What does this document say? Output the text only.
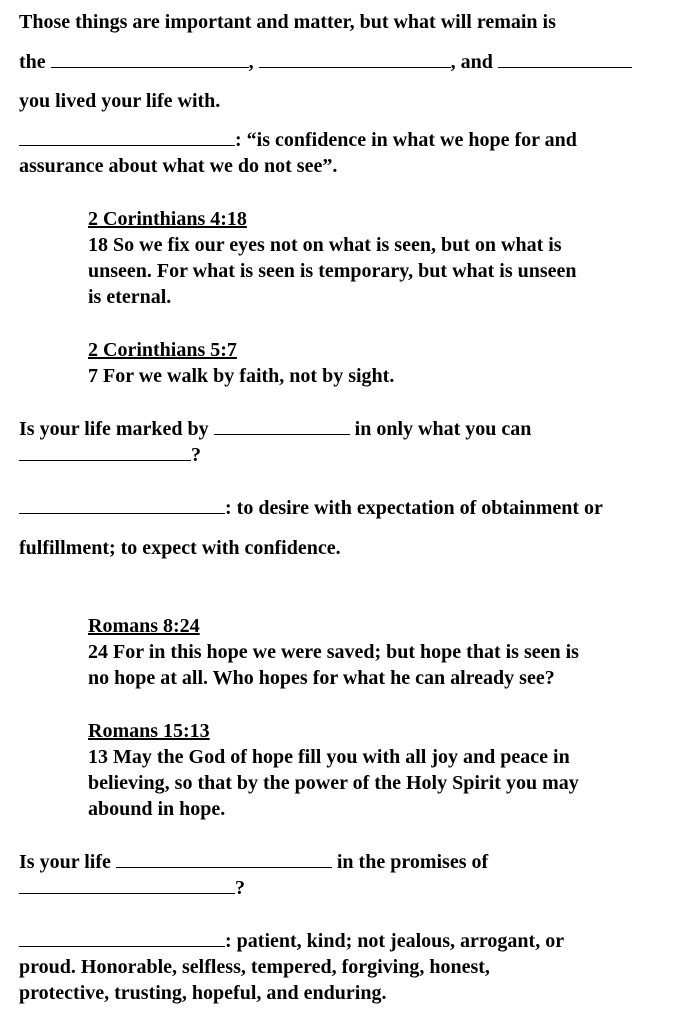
Those things are important and matter, but what will remain is
the	,	, and
you lived your life with.
: “is confidence in what we hope for and
assurance about what we do not see”.
2 Corinthians 4:18
18 So we fix our eyes not on what is seen, but on what is
unseen. For what is seen is temporary, but what is unseen
is eternal.
2 Corinthians 5:7
7 For we walk by faith, not by sight.
Is your life marked by	in only what you can
?
: to desire with expectation of obtainment or
fulfillment; to expect with confidence.
Romans 8:24
24 For in this hope we were saved; but hope that is seen is
no hope at all. Who hopes for what he can already see?
Romans 15:13
13 May the God of hope fill you with all joy and peace in
believing, so that by the power of the Holy Spirit you may
abound in hope.
Is your life	in the promises of
?
: patient, kind; not jealous, arrogant, or
proud. Honorable, selfless, tempered, forgiving, honest,
protective, trusting, hopeful, and enduring.
